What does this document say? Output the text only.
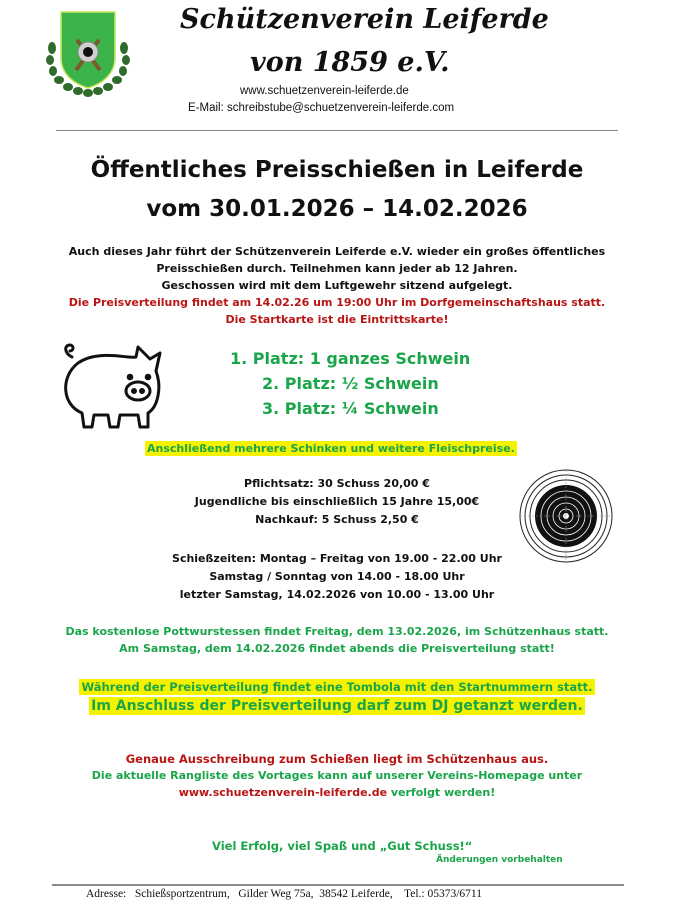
Schützenverein Leiferde
von 1859 e.V.
www.schuetzenverein-leiferde.de
E-Mail: schreibstube@schuetzenverein-leiferde.com
Öffentliches Preisschießen in Leiferde
vom 30.01.2026 – 14.02.2026
Auch dieses Jahr führt der Schützenverein Leiferde e.V. wieder ein großes öffentliches
Preisschießen durch. Teilnehmen kann jeder ab 12 Jahren.
Geschossen wird mit dem Luftgewehr sitzend aufgelegt.
Die Preisverteilung findet am 14.02.26 um 19:00 Uhr im Dorfgemeinschaftshaus statt.
Die Startkarte ist die Eintrittskarte!
1. Platz: 1 ganzes Schwein
2. Platz: ½ Schwein
3. Platz: ¼ Schwein
Anschließend mehrere Schinken und weitere Fleischpreise.
Pflichtsatz: 30 Schuss 20,00 €
Jugendliche bis einschließlich 15 Jahre 15,00€
Nachkauf: 5 Schuss 2,50 €
Schießzeiten: Montag – Freitag von 19.00 - 22.00 Uhr
Samstag / Sonntag von 14.00 - 18.00 Uhr
letzter Samstag, 14.02.2026 von 10.00 - 13.00 Uhr
Das kostenlose Pottwurstessen findet Freitag, dem 13.02.2026, im Schützenhaus statt.
Am Samstag, dem 14.02.2026 findet abends die Preisverteilung statt!
Während der Preisverteilung findet eine Tombola mit den Startnummern statt.
Im Anschluss der Preisverteilung darf zum DJ getanzt werden.
Genaue Ausschreibung zum Schießen liegt im Schützenhaus aus.
Die aktuelle Rangliste des Vortages kann auf unserer Vereins-Homepage unter
www.schuetzenverein-leiferde.de verfolgt werden!
Viel Erfolg, viel Spaß und „Gut Schuss!“
Änderungen vorbehalten
Adresse:   Schießsportzentrum,   Gilder Weg 75a,  38542 Leiferde,    Tel.: 05373/6711
